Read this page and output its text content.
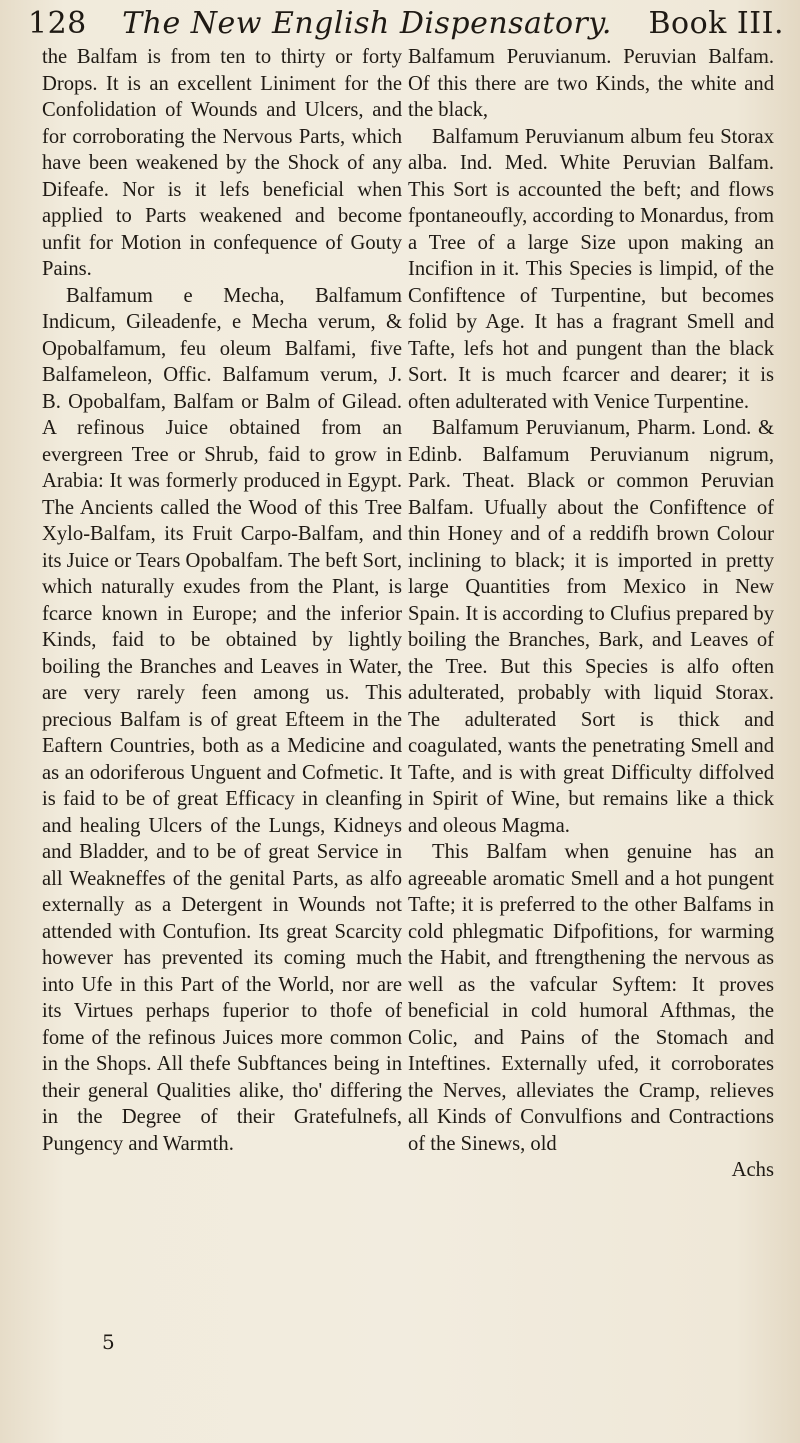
128	The New English Dispensatory.	Book III.

the Balfam is from ten to thirty or forty Drops. It is an excellent Liniment for the Confolidation of Wounds and Ulcers, and for corroborating the Nervous Parts, which have been weakened by the Shock of any Difeafe. Nor is it lefs beneficial when applied to Parts weakened and become unfit for Motion in confequence of Gouty Pains.

Balfamum e Mecha, Balfamum Indicum, Gileadenfe, e Mecha verum, & Opobalfamum, feu oleum Balfami, five Balfameleon, Offic. Balfamum verum, J. B. Opobalfam, Balfam or Balm of Gilead. A refinous Juice obtained from an evergreen Tree or Shrub, faid to grow in Arabia: It was formerly produced in Egypt. The Ancients called the Wood of this Tree Xylo-Balfam, its Fruit Carpo-Balfam, and its Juice or Tears Opobalfam. The beft Sort, which naturally exudes from the Plant, is fcarce known in Europe; and the inferior Kinds, faid to be obtained by lightly boiling the Branches and Leaves in Water, are very rarely feen among us. This precious Balfam is of great Efteem in the Eaftern Countries, both as a Medicine and as an odoriferous Unguent and Cofmetic. It is faid to be of great Efficacy in cleanfing and healing Ulcers of the Lungs, Kidneys and Bladder, and to be of great Service in all Weakneffes of the genital Parts, as alfo externally as a Detergent in Wounds not attended with Contufion. Its great Scarcity however has prevented its coming much into Ufe in this Part of the World, nor are its Virtues perhaps fuperior to thofe of fome of the refinous Juices more common in the Shops. All thefe Subftances being in their general Qualities alike, tho' differing in the Degree of their Gratefulnefs, Pungency and Warmth.

Balfamum Peruvianum. Peruvian Balfam. Of this there are two Kinds, the white and the black,

Balfamum Peruvianum album feu Storax alba. Ind. Med. White Peruvian Balfam. This Sort is accounted the beft; and flows fpontaneoufly, according to Monardus, from a Tree of a large Size upon making an Incifion in it. This Species is limpid, of the Confiftence of Turpentine, but becomes folid by Age. It has a fragrant Smell and Tafte, lefs hot and pungent than the black Sort. It is much fcarcer and dearer; it is often adulterated with Venice Turpentine.

Balfamum Peruvianum, Pharm. Lond. & Edinb. Balfamum Peruvianum nigrum, Park. Theat. Black or common Peruvian Balfam. Ufually about the Confiftence of thin Honey and of a reddifh brown Colour inclining to black; it is imported in pretty large Quantities from Mexico in New Spain. It is according to Clufius prepared by boiling the Branches, Bark, and Leaves of the Tree. But this Species is alfo often adulterated, probably with liquid Storax. The adulterated Sort is thick and coagulated, wants the penetrating Smell and Tafte, and is with great Difficulty diffolved in Spirit of Wine, but remains like a thick and oleous Magma.

This Balfam when genuine has an agreeable aromatic Smell and a hot pungent Tafte; it is preferred to the other Balfams in cold phlegmatic Difpofitions, for warming the Habit, and ftrengthening the nervous as well as the vafcular Syftem: It proves beneficial in cold humoral Afthmas, the Colic, and Pains of the Stomach and Inteftines. Externally ufed, it corroborates the Nerves, alleviates the Cramp, relieves all Kinds of Convulfions and Contractions of the Sinews, old

Achs

5
